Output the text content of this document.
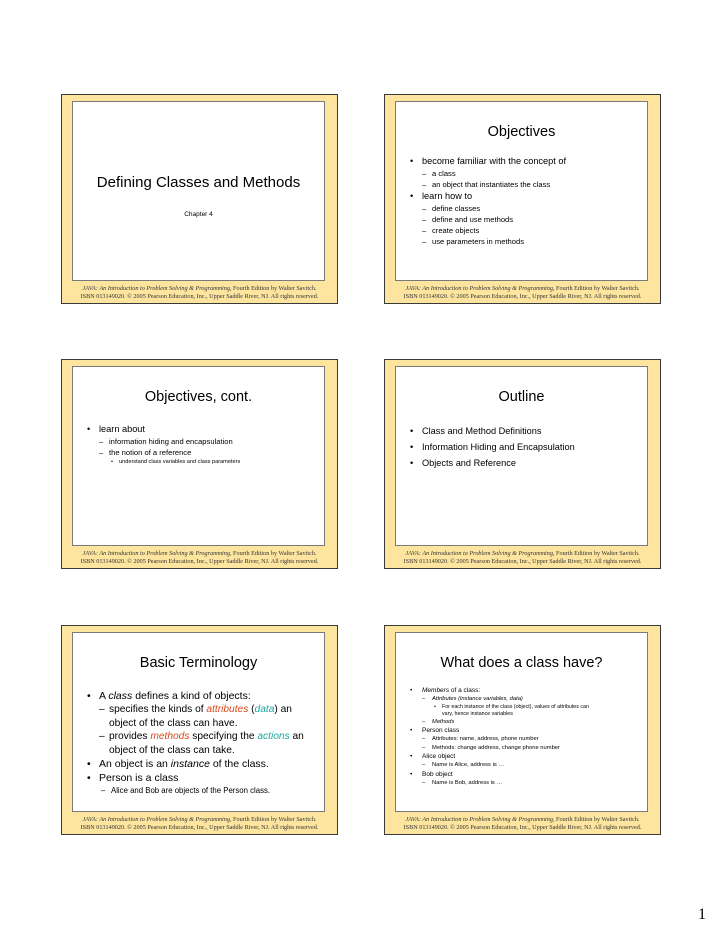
Defining Classes and Methods
Chapter 4
JAVA: An Introduction to Problem Solving & Programming, Fourth Edition by Walter Savitch.
ISBN 013149020. © 2005 Pearson Education, Inc., Upper Saddle River, NJ. All rights reserved.
Objectives
• become familiar with the concept of
– a class
– an object that instantiates the class
• learn how to
– define classes
– define and use methods
– create objects
– use parameters in methods
JAVA: An Introduction to Problem Solving & Programming, Fourth Edition by Walter Savitch.
ISBN 013149020. © 2005 Pearson Education, Inc., Upper Saddle River, NJ. All rights reserved.
Objectives, cont.
• learn about
– information hiding and encapsulation
– the notion of a reference
• understand class variables and class parameters
JAVA: An Introduction to Problem Solving & Programming, Fourth Edition by Walter Savitch.
ISBN 013149020. © 2005 Pearson Education, Inc., Upper Saddle River, NJ. All rights reserved.
Outline
• Class and Method Definitions
• Information Hiding and Encapsulation
• Objects and Reference
JAVA: An Introduction to Problem Solving & Programming, Fourth Edition by Walter Savitch.
ISBN 013149020. © 2005 Pearson Education, Inc., Upper Saddle River, NJ. All rights reserved.
Basic Terminology
• A class defines a kind of objects:
– specifies the kinds of attributes (data) an
object of the class can have.
– provides methods specifying the actions an
object of the class can take.
• An object is an instance of the class.
• Person is a class
– Alice and Bob are objects of the Person class.
JAVA: An Introduction to Problem Solving & Programming, Fourth Edition by Walter Savitch.
ISBN 013149020. © 2005 Pearson Education, Inc., Upper Saddle River, NJ. All rights reserved.
What does a class have?
• Members of a class:
– Attributes (instance variables, data)
• For each instance of the class (object), values of attributes can
vary, hence instance variables
– Methods
• Person class
– Attributes: name, address, phone number
– Methods: change address, change phone number
• Alice object
– Name is Alice, address is …
• Bob object
– Name is Bob, address is …
JAVA: An Introduction to Problem Solving & Programming, Fourth Edition by Walter Savitch.
ISBN 013149020. © 2005 Pearson Education, Inc., Upper Saddle River, NJ. All rights reserved.
1
